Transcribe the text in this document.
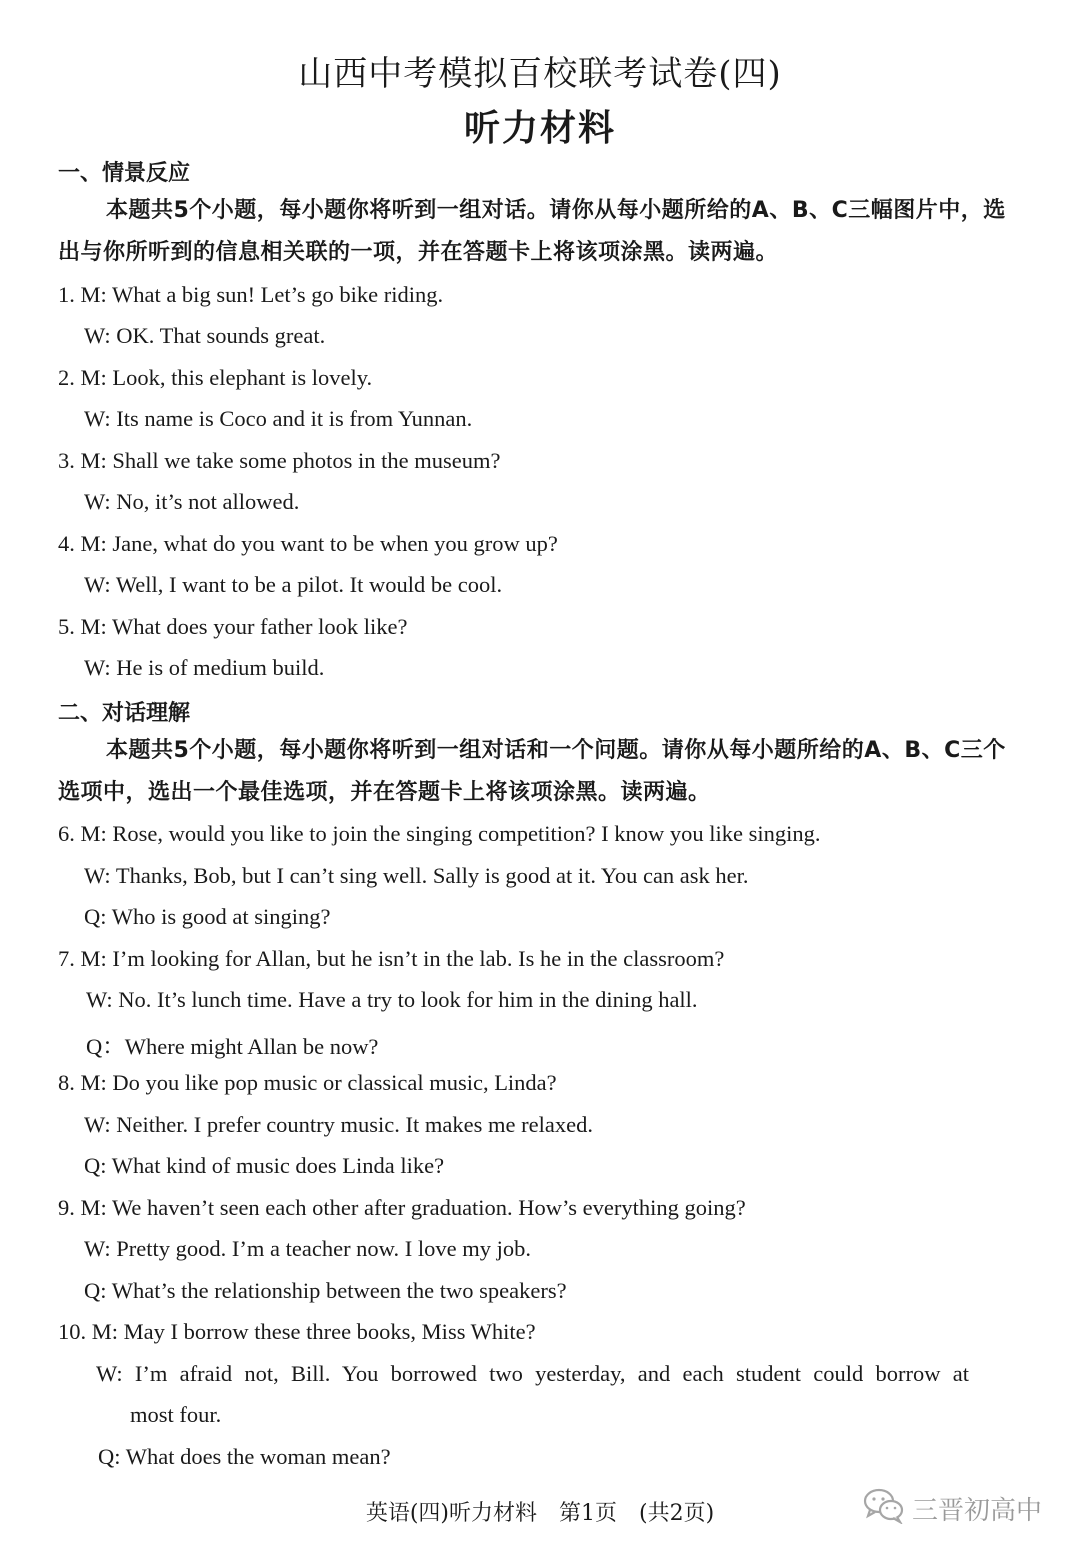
山西中考模拟百校联考试卷(四)
听力材料
一、情景反应
本题共5个小题，每小题你将听到一组对话。请你从每小题所给的A、B、C三幅图片中，选出与你所听到的信息相关联的一项，并在答题卡上将该项涂黑。读两遍。
1. M: What a big sun! Let’s go bike riding.
W: OK. That sounds great.
2. M: Look, this elephant is lovely.
W: Its name is Coco and it is from Yunnan.
3. M: Shall we take some photos in the museum?
W: No, it’s not allowed.
4. M: Jane, what do you want to be when you grow up?
W: Well, I want to be a pilot. It would be cool.
5. M: What does your father look like?
W: He is of medium build.
二、对话理解
本题共5个小题，每小题你将听到一组对话和一个问题。请你从每小题所给的A、B、C三个选项中，选出一个最佳选项，并在答题卡上将该项涂黑。读两遍。
6. M: Rose, would you like to join the singing competition? I know you like singing.
W: Thanks, Bob, but I can’t sing well. Sally is good at it. You can ask her.
Q: Who is good at singing?
7. M: I’m looking for Allan, but he isn’t in the lab. Is he in the classroom?
W: No. It’s lunch time. Have a try to look for him in the dining hall.
Q：Where might Allan be now?
8. M: Do you like pop music or classical music, Linda?
W: Neither. I prefer country music. It makes me relaxed.
Q: What kind of music does Linda like?
9. M: We haven’t seen each other after graduation. How’s everything going?
W: Pretty good. I’m a teacher now. I love my job.
Q: What’s the relationship between the two speakers?
10. M: May I borrow these three books, Miss White?
W: I’m afraid not, Bill. You borrowed two yesterday, and each student could borrow at
most four.
Q: What does the woman mean?
英语(四)听力材料　第1页　(共2页)	三晋初高中
